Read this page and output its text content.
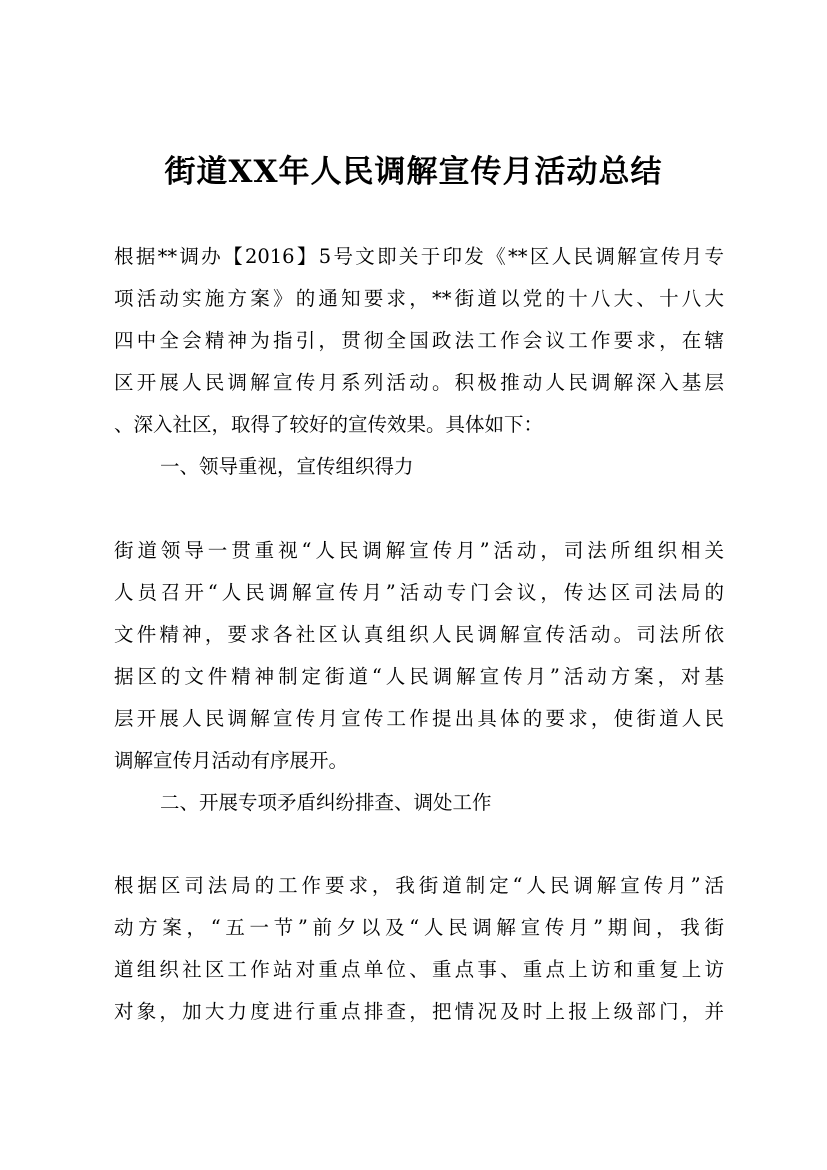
街道XX年人民调解宣传月活动总结
根据**调办【2016】5号文即关于印发《**区人民调解宣传月专
项活动实施方案》的通知要求，**街道以党的十八大、十八大
四中全会精神为指引，贯彻全国政法工作会议工作要求，在辖
区开展人民调解宣传月系列活动。积极推动人民调解深入基层
、深入社区，取得了较好的宣传效果。具体如下：
一、领导重视，宣传组织得力
街道领导一贯重视“人民调解宣传月”活动，司法所组织相关
人员召开“人民调解宣传月”活动专门会议，传达区司法局的
文件精神，要求各社区认真组织人民调解宣传活动。司法所依
据区的文件精神制定街道“人民调解宣传月”活动方案，对基
层开展人民调解宣传月宣传工作提出具体的要求，使街道人民
调解宣传月活动有序展开。
二、开展专项矛盾纠纷排查、调处工作
根据区司法局的工作要求，我街道制定“人民调解宣传月”活
动方案，“五一节”前夕以及“人民调解宣传月”期间，我街
道组织社区工作站对重点单位、重点事、重点上访和重复上访
对象，加大力度进行重点排查，把情况及时上报上级部门，并
